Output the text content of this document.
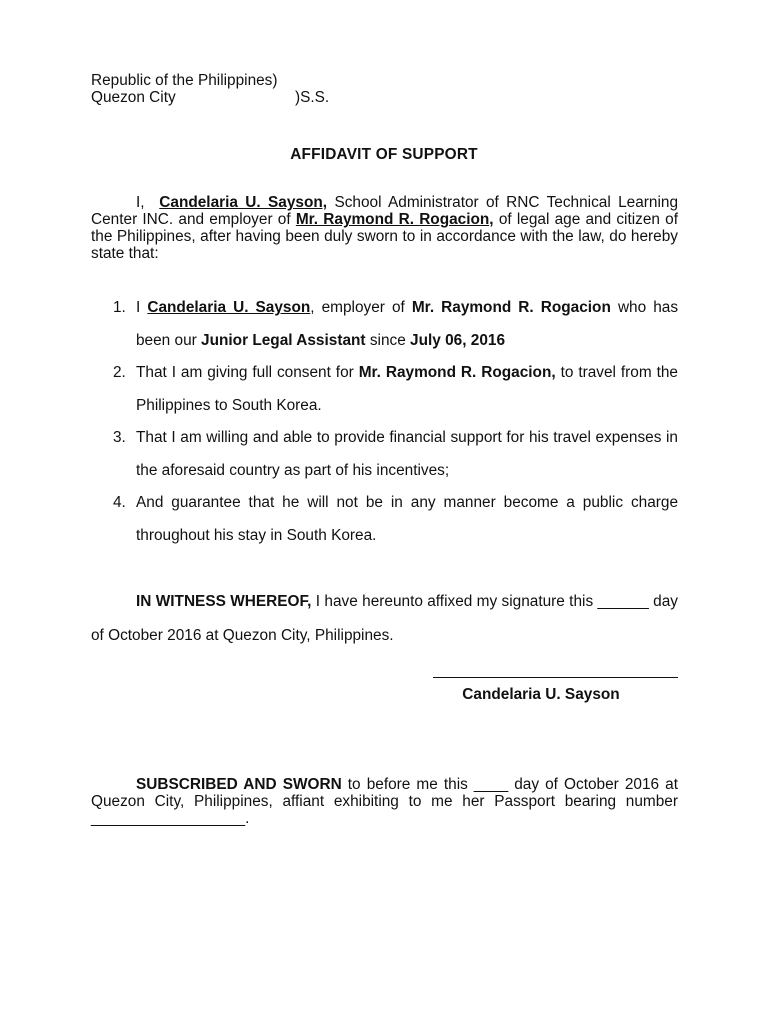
Republic of the Philippines)
Quezon City	)S.S.
AFFIDAVIT OF SUPPORT
I, Candelaria U. Sayson, School Administrator of RNC Technical Learning Center INC. and employer of Mr. Raymond R. Rogacion, of legal age and citizen of the Philippines, after having been duly sworn to in accordance with the law, do hereby state that:
1. I Candelaria U. Sayson, employer of Mr. Raymond R. Rogacion who has been our Junior Legal Assistant since July 06, 2016
2. That I am giving full consent for Mr. Raymond R. Rogacion, to travel from the Philippines to South Korea.
3. That I am willing and able to provide financial support for his travel expenses in the aforesaid country as part of his incentives;
4. And guarantee that he will not be in any manner become a public charge throughout his stay in South Korea.
IN WITNESS WHEREOF, I have hereunto affixed my signature this ______ day of October 2016 at Quezon City, Philippines.
Candelaria U. Sayson
SUBSCRIBED AND SWORN to before me this ____ day of October 2016 at Quezon City, Philippines, affiant exhibiting to me her Passport bearing number __________________.
